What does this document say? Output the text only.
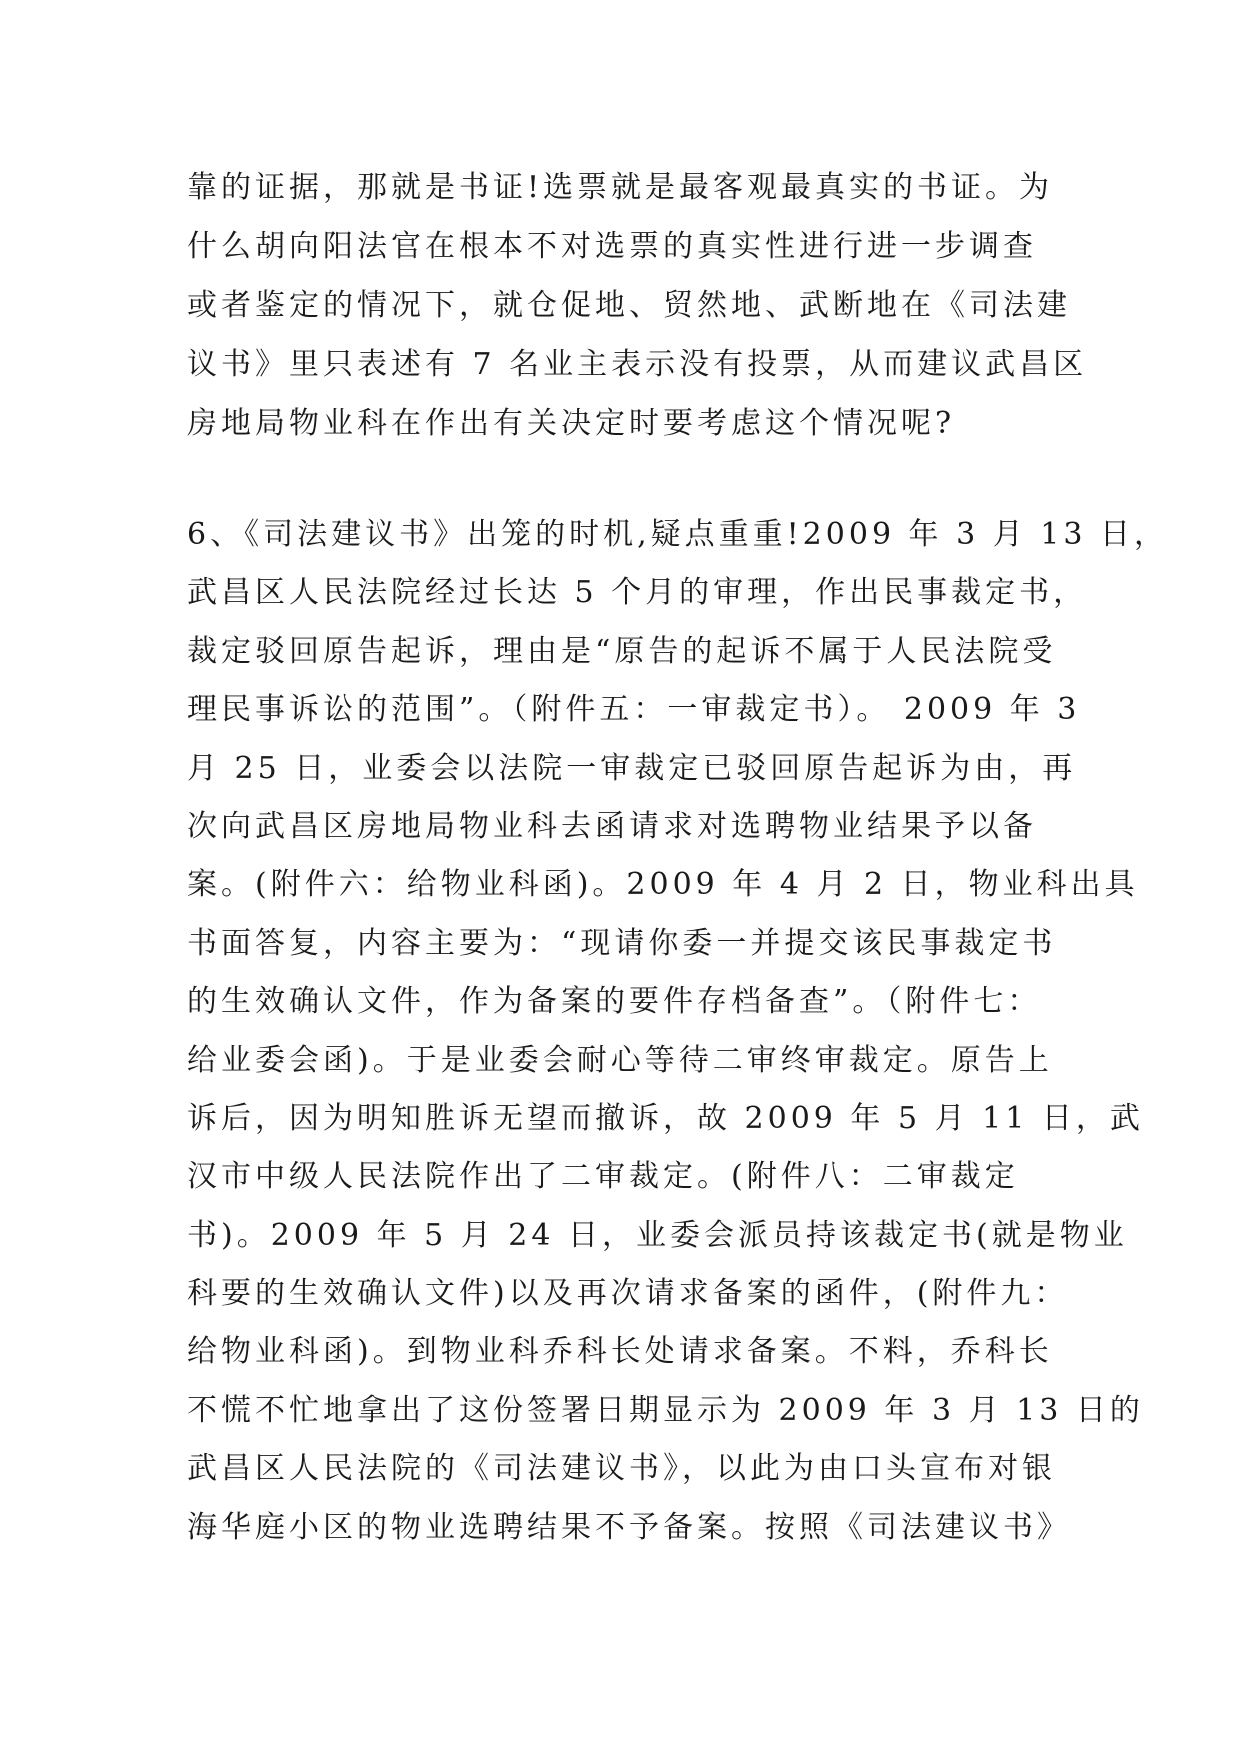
靠的证据，那就是书证!选票就是最客观最真实的书证。为
什么胡向阳法官在根本不对选票的真实性进行进一步调查
或者鉴定的情况下，就仓促地、贸然地、武断地在《司法建
议书》里只表述有 7 名业主表示没有投票，从而建议武昌区
房地局物业科在作出有关决定时要考虑这个情况呢?
6、《司法建议书》出笼的时机,疑点重重!2009 年 3 月 13 日，
武昌区人民法院经过长达 5 个月的审理，作出民事裁定书，
裁定驳回原告起诉，理由是“原告的起诉不属于人民法院受
理民事诉讼的范围”。（附件五：一审裁定书）。 2009 年 3
月 25 日，业委会以法院一审裁定已驳回原告起诉为由，再
次向武昌区房地局物业科去函请求对选聘物业结果予以备
案。(附件六：给物业科函)。2009 年 4 月 2 日，物业科出具
书面答复，内容主要为：“现请你委一并提交该民事裁定书
的生效确认文件，作为备案的要件存档备查”。（附件七：
给业委会函)。于是业委会耐心等待二审终审裁定。原告上
诉后，因为明知胜诉无望而撤诉，故 2009 年 5 月 11 日，武
汉市中级人民法院作出了二审裁定。(附件八：二审裁定
书)。2009 年 5 月 24 日，业委会派员持该裁定书(就是物业
科要的生效确认文件)以及再次请求备案的函件，(附件九：
给物业科函)。到物业科乔科长处请求备案。不料，乔科长
不慌不忙地拿出了这份签署日期显示为 2009 年 3 月 13 日的
武昌区人民法院的《司法建议书》，以此为由口头宣布对银
海华庭小区的物业选聘结果不予备案。按照《司法建议书》
